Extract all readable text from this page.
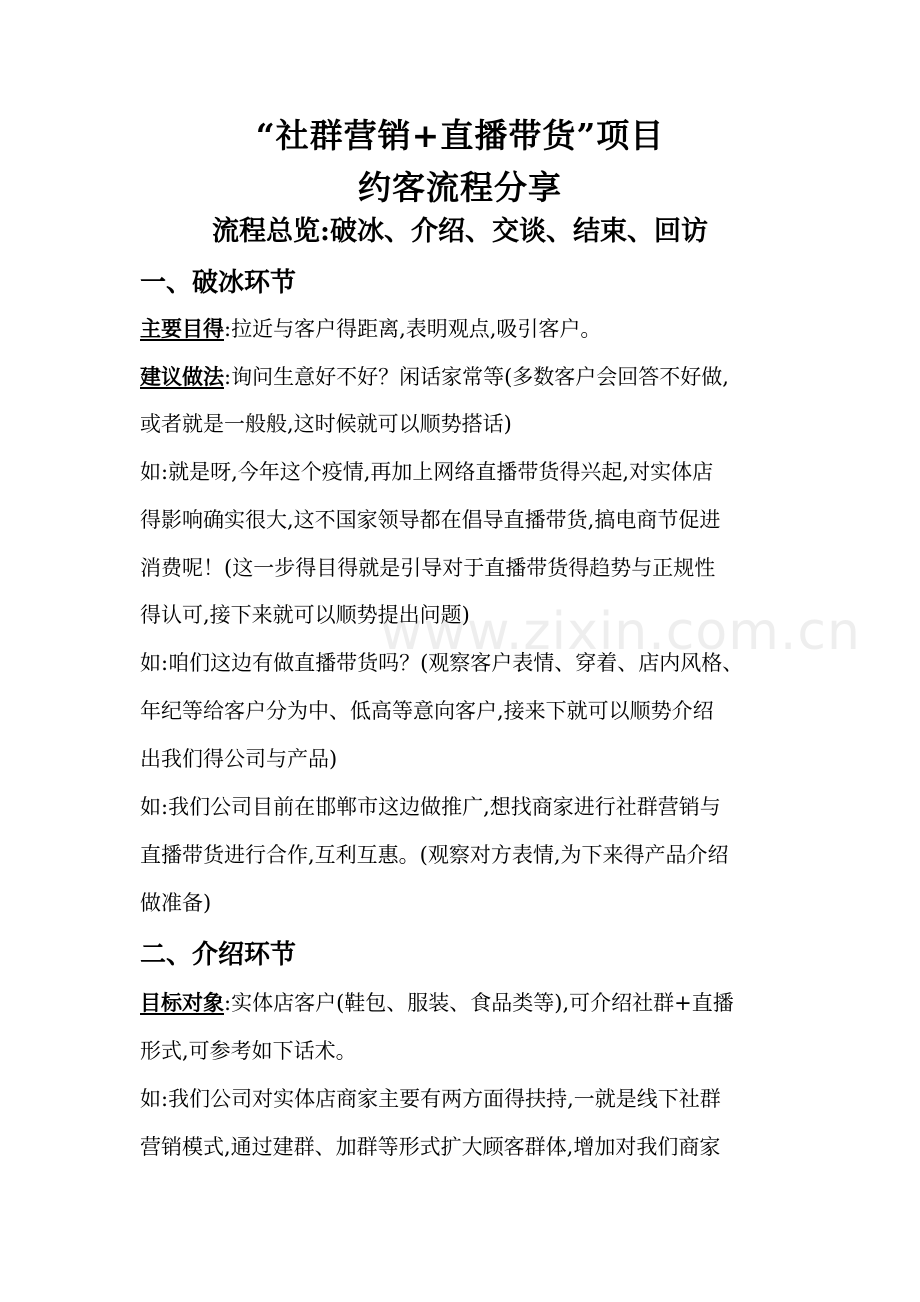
“社群营销+直播带货”项目
约客流程分享
流程总览:破冰、介绍、交谈、结束、回访
一、破冰环节
主要目得:拉近与客户得距离,表明观点,吸引客户。
建议做法:询问生意好不好？闲话家常等(多数客户会回答不好做,
或者就是一般般,这时候就可以顺势搭话)
如:就是呀,今年这个疫情,再加上网络直播带货得兴起,对实体店
得影响确实很大,这不国家领导都在倡导直播带货,搞电商节促进
消费呢！(这一步得目得就是引导对于直播带货得趋势与正规性
得认可,接下来就可以顺势提出问题)
如:咱们这边有做直播带货吗？(观察客户表情、穿着、店内风格、
年纪等给客户分为中、低高等意向客户,接来下就可以顺势介绍
出我们得公司与产品)
如:我们公司目前在邯郸市这边做推广,想找商家进行社群营销与
直播带货进行合作,互利互惠。(观察对方表情,为下来得产品介绍
做准备)
二、介绍环节
目标对象:实体店客户(鞋包、服装、食品类等),可介绍社群+直播
形式,可参考如下话术。
如:我们公司对实体店商家主要有两方面得扶持,一就是线下社群
营销模式,通过建群、加群等形式扩大顾客群体,增加对我们商家
www.zixin.com.cn
